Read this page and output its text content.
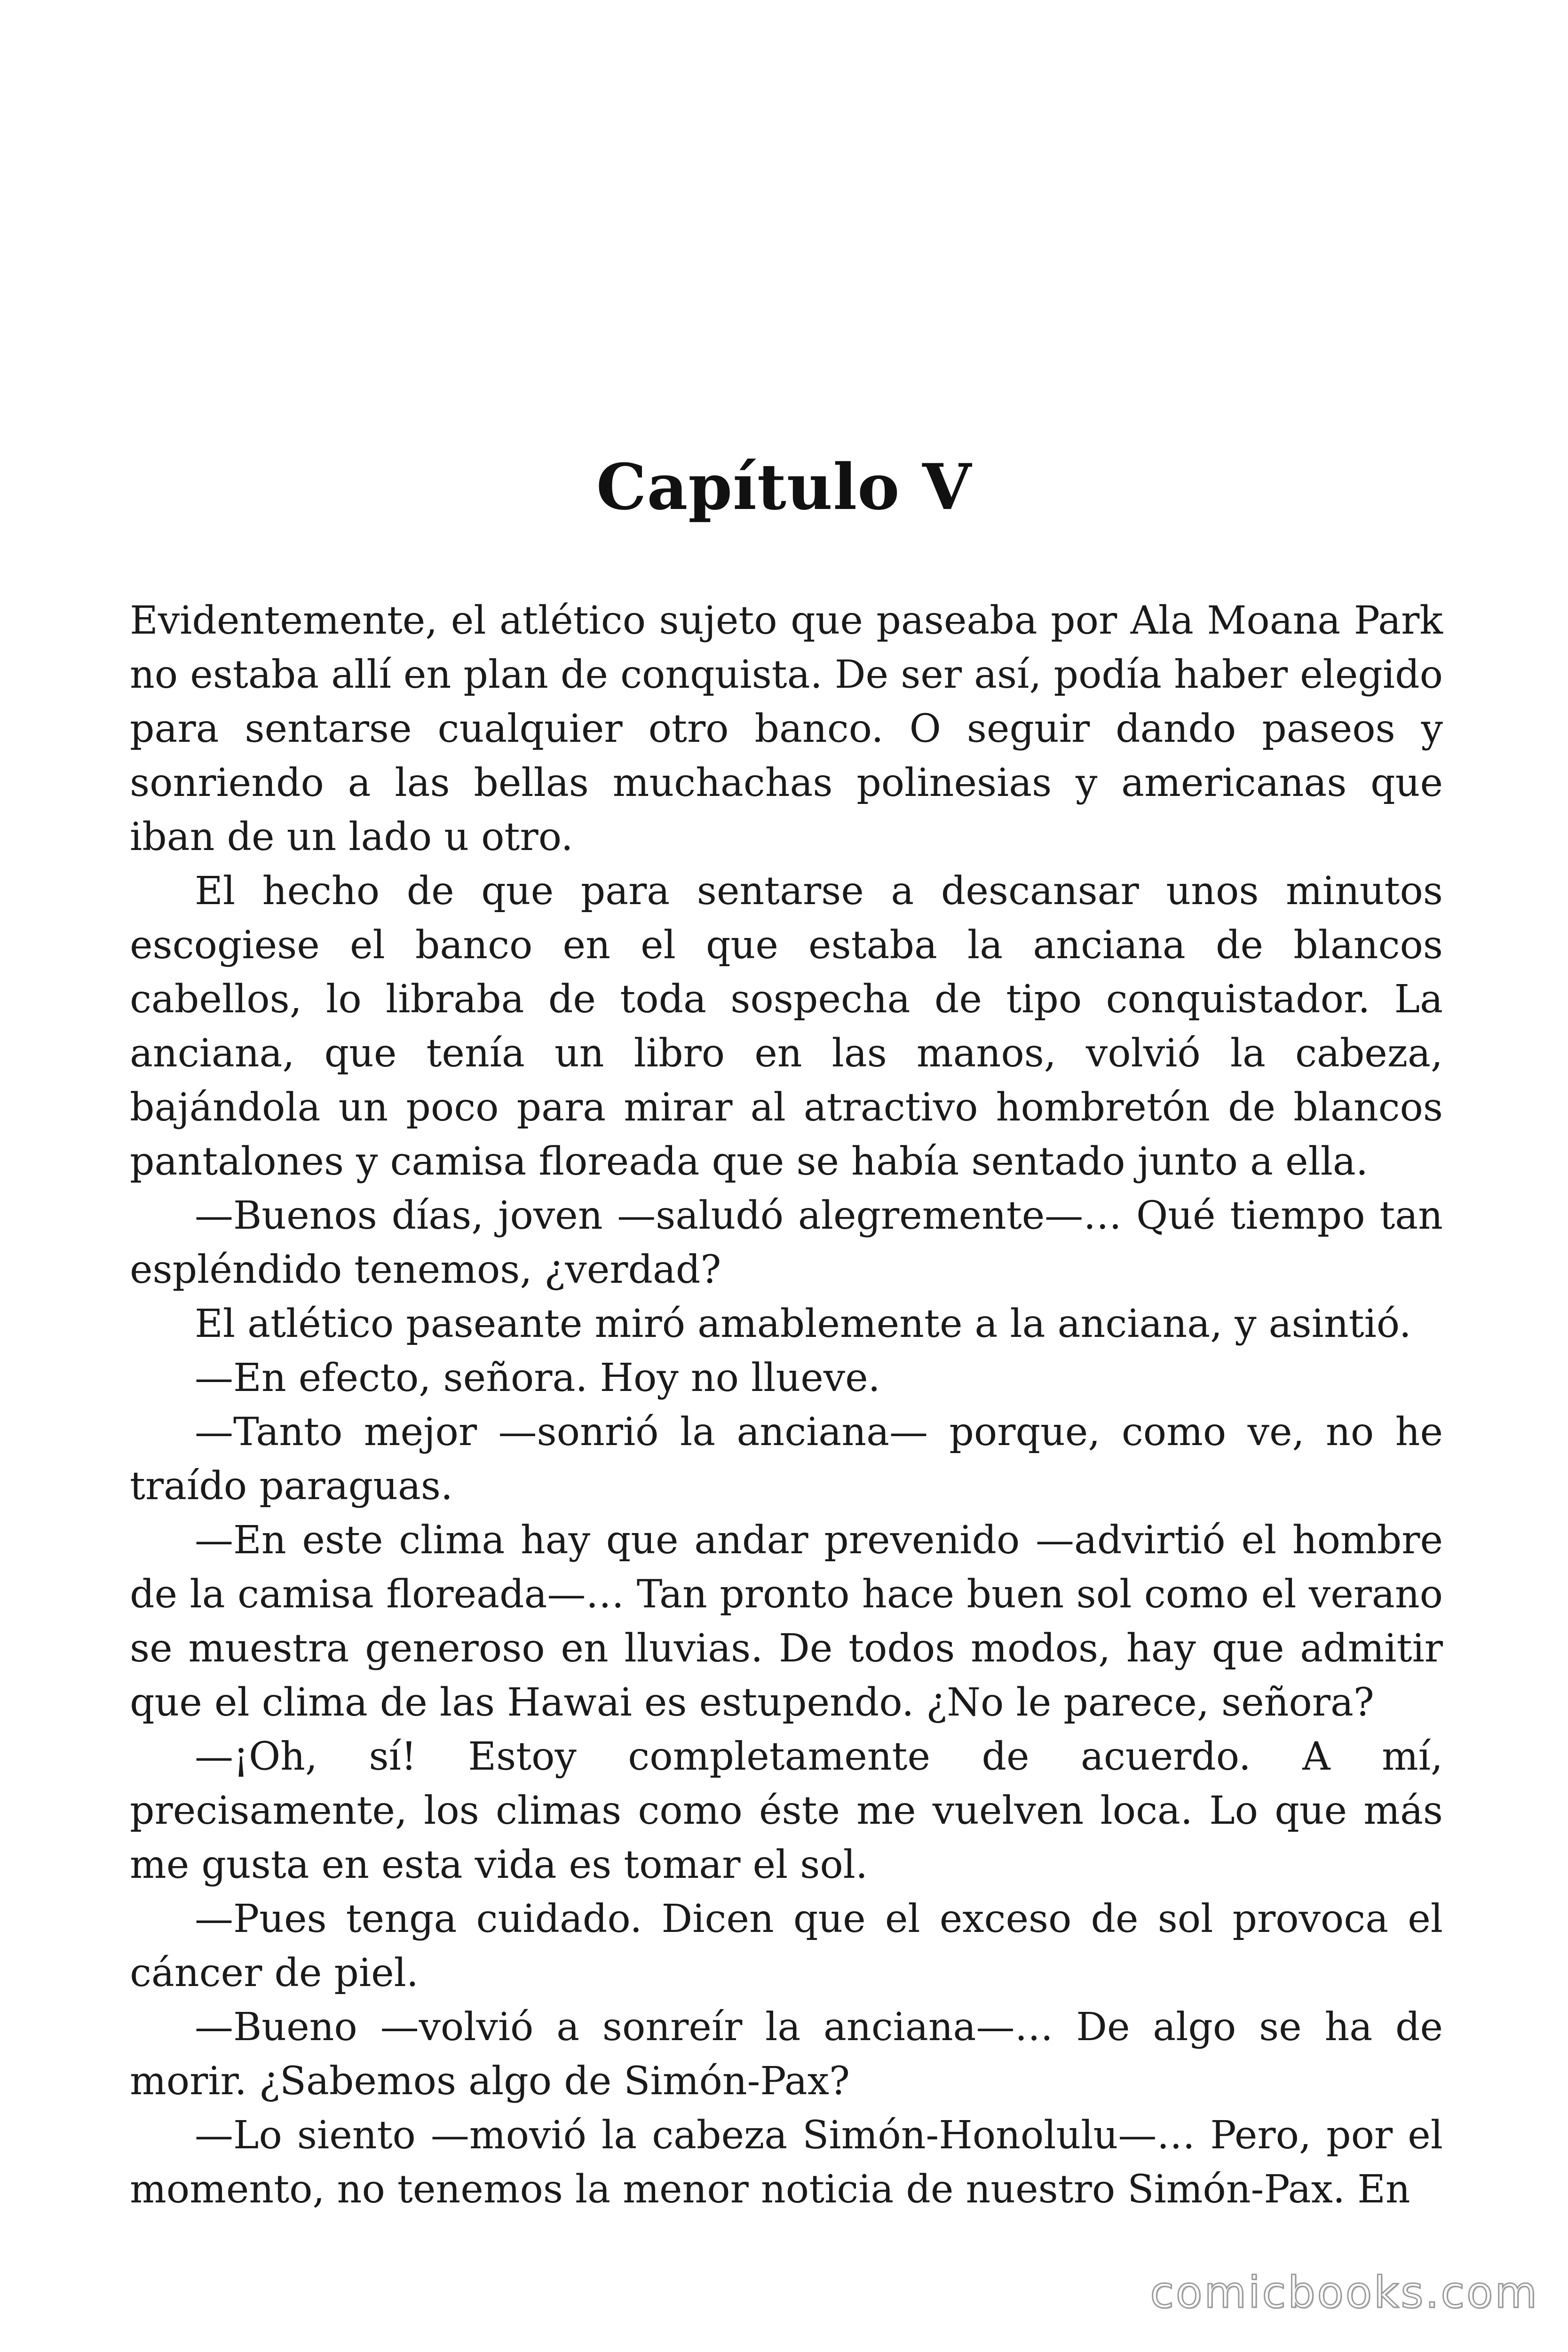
Capítulo V

Evidentemente, el atlético sujeto que paseaba por Ala Moana Park no estaba allí en plan de conquista. De ser así, podía haber elegido para sentarse cualquier otro banco. O seguir dando paseos y sonriendo a las bellas muchachas polinesias y americanas que iban de un lado u otro.

El hecho de que para sentarse a descansar unos minutos escogiese el banco en el que estaba la anciana de blancos cabellos, lo libraba de toda sospecha de tipo conquistador. La anciana, que tenía un libro en las manos, volvió la cabeza, bajándola un poco para mirar al atractivo hombretón de blancos pantalones y camisa floreada que se había sentado junto a ella.

—Buenos días, joven —saludó alegremente—… Qué tiempo tan espléndido tenemos, ¿verdad?

El atlético paseante miró amablemente a la anciana, y asintió.

—En efecto, señora. Hoy no llueve.

—Tanto mejor —sonrió la anciana— porque, como ve, no he traído paraguas.

—En este clima hay que andar prevenido —advirtió el hombre de la camisa floreada—… Tan pronto hace buen sol como el verano se muestra generoso en lluvias. De todos modos, hay que admitir que el clima de las Hawai es estupendo. ¿No le parece, señora?

—¡Oh, sí! Estoy completamente de acuerdo. A mí, precisamente, los climas como éste me vuelven loca. Lo que más me gusta en esta vida es tomar el sol.

—Pues tenga cuidado. Dicen que el exceso de sol provoca el cáncer de piel.

—Bueno —volvió a sonreír la anciana—… De algo se ha de morir. ¿Sabemos algo de Simón-Pax?

—Lo siento —movió la cabeza Simón-Honolulu—… Pero, por el momento, no tenemos la menor noticia de nuestro Simón-Pax. En

comicbooks.com
